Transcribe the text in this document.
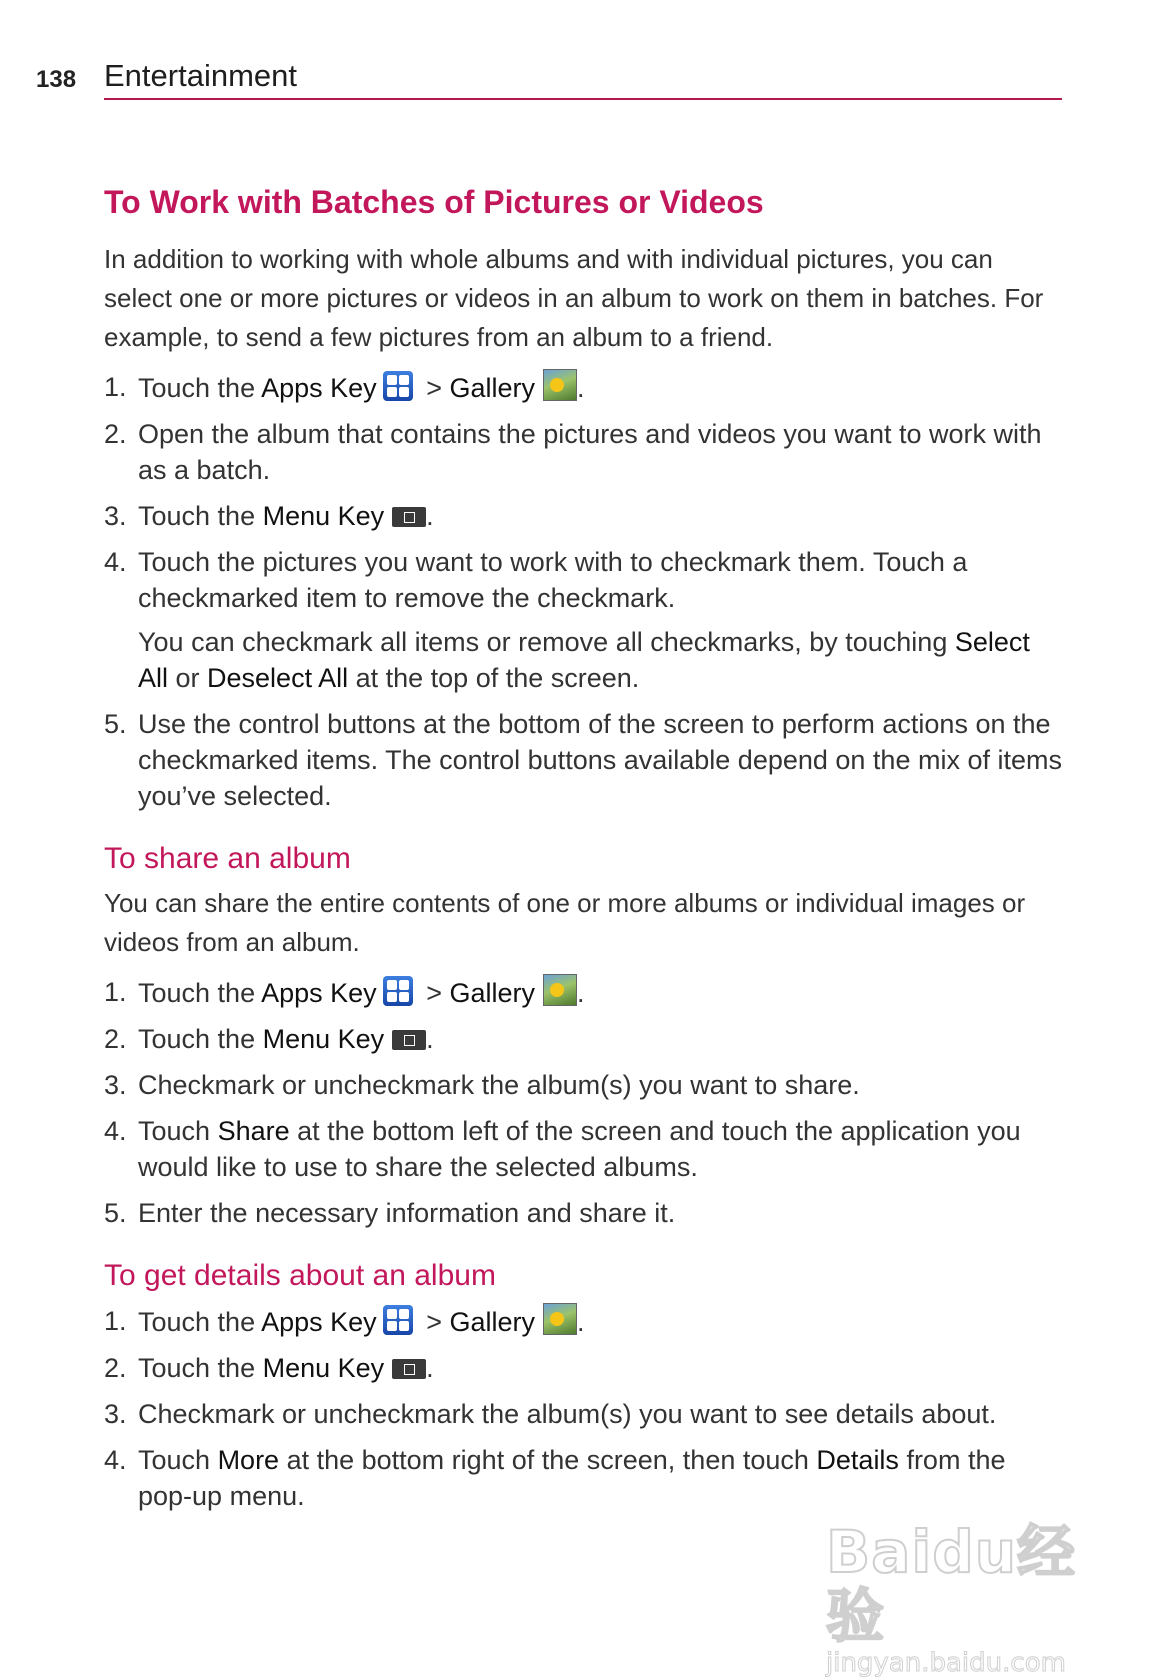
138 Entertainment
To Work with Batches of Pictures or Videos

In addition to working with whole albums and with individual pictures, you can select one or more pictures or videos in an album to work on them in batches. For example, to send a few pictures from an album to a friend.

1. Touch the Apps Key
> Gallery .
2. Open the album that contains the pictures and videos you want to work with as a batch.
3. Touch the Menu Key .
4. Touch the pictures you want to work with to checkmark them. Touch a checkmarked item to remove the checkmark.
You can checkmark all items or remove all checkmarks, by touching Select All or Deselect All at the top of the screen.
5. Use the control buttons at the bottom of the screen to perform actions on the checkmarked items. The control buttons available depend on the mix of items you’ve selected.
To share an album

You can share the entire contents of one or more albums or individual images or videos from an album.

1. Touch the Apps Key
> Gallery .
2. Touch the Menu Key .
3. Checkmark or uncheckmark the album(s) you want to share.
4. Touch Share at the bottom left of the screen and touch the application you would like to use to share the selected albums.
5. Enter the necessary information and share it.
To get details about an album
1. Touch the Apps Key
> Gallery .
2. Touch the Menu Key .
3. Checkmark or uncheckmark the album(s) you want to see details about.
4. Touch More at the bottom right of the screen, then touch Details from the pop-up menu.
Baidu经验
jingyan.baidu.com
